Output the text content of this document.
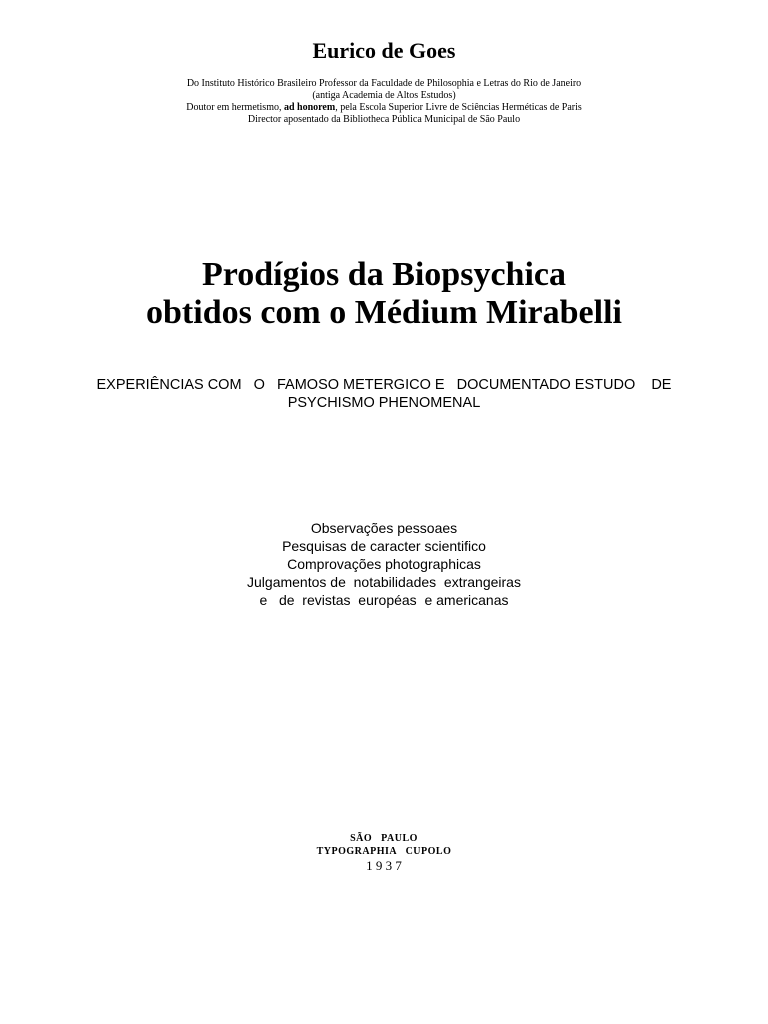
Eurico de Goes
Do Instituto Histórico Brasileiro Professor da Faculdade de Philosophia e Letras do Rio de Janeiro
(antiga Academia de Altos Estudos)
Doutor em hermetismo, ad honorem, pela Escola Superior Livre de Sciências Herméticas de Paris
Director aposentado da Bibliotheca Pública Municipal de São Paulo
Prodígios da Biopsychica
obtidos com o Médium Mirabelli
EXPERIÊNCIAS COM   O   FAMOSO METERGICO E   DOCUMENTADO ESTUDO    DE
PSYCHISMO PHENOMENAL
Observações pessoaes
Pesquisas de caracter scientifico
Comprovações photographicas
Julgamentos de  notabilidades  extrangeiras
e   de  revistas  européas  e americanas
SÃO   PAULO
TYPOGRAPHIA   CUPOLO
1 9 3 7
